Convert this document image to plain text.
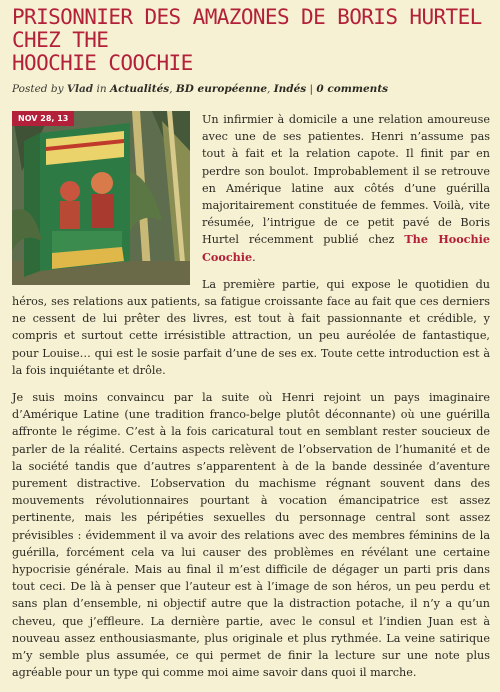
PRISONNIER DES AMAZONES DE BORIS HURTEL CHEZ THE
HOOCHIE COOCHIE
Posted by Vlad in Actualités, BD européenne, Indés | 0 comments
NOV 28, 13	Un infirmier à domicile a une relation amoureuse avec une de ses patientes. Henri n’assume pas tout à fait et la relation capote. Il finit par en perdre son boulot. Improbablement il se retrouve en Amérique latine aux côtés d’une guérilla majoritairement constituée de femmes. Voilà, vite résumée, l’intrigue de ce petit pavé de Boris Hurtel récemment publié chez The Hoochie Coochie.

La première partie, qui expose le quotidien du héros, ses relations aux patients, sa fatigue croissante face au fait que ces derniers ne cessent de lui prêter des livres, est tout à fait passionnante et crédible, y compris et surtout cette irrésistible attraction, un peu auréolée de fantastique, pour Louise… qui est le sosie parfait d’une de ses ex. Toute cette introduction est à la fois inquiétante et drôle.

Je suis moins convaincu par la suite où Henri rejoint un pays imaginaire d’Amérique Latine (une tradition franco-belge plutôt déconnante) où une guérilla affronte le régime. C’est à la fois caricatural tout en semblant rester soucieux de parler de la réalité. Certains aspects relèvent de l’observation de l’humanité et de la société tandis que d’autres s’apparentent à de la bande dessinée d’aventure purement distractive. L’observation du machisme régnant souvent dans des mouvements révolutionnaires pourtant à vocation émancipatrice est assez pertinente, mais les péripéties sexuelles du personnage central sont assez prévisibles : évidemment il va avoir des relations avec des membres féminins de la guérilla, forcément cela va lui causer des problèmes en révélant une certaine hypocrisie générale. Mais au final il m’est difficile de dégager un parti pris dans tout ceci. De là à penser que l’auteur est à l’image de son héros, un peu perdu et sans plan d’ensemble, ni objectif autre que la distraction potache, il n’y a qu’un cheveu, que j’effleure. La dernière partie, avec le consul et l’indien Juan est à nouveau assez enthousiasmante, plus originale et plus rythmée. La veine satirique m’y semble plus assumée, ce qui permet de finir la lecture sur une note plus agréable pour un type qui comme moi aime savoir dans quoi il marche.
